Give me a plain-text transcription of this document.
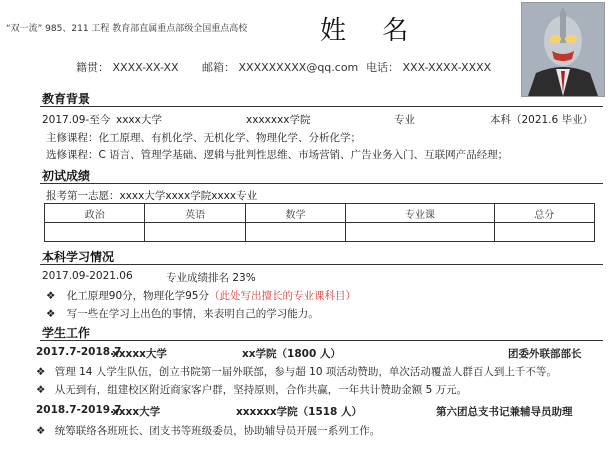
“双一流” 985、211 工程 教育部直属重点部级全国重点高校	姓 名
籍贯： XXXX-XX-XX 邮箱： XXXXXXXXX@qq.com 电话： XXX-XXXX-XXXX
教育背景
2017.09-至今 xxxx大学	xxxxxxx学院	专业	本科（2021.6 毕业）
主修课程：化工原理、有机化学、无机化学、物理化学、分析化学；
选修课程：C 语言、管理学基础、逻辑与批判性思维、市场营销、广告业务入门、互联网产品经理；
初试成绩
报考第一志愿：xxxx大学xxxx学院xxxx专业
政治	英语	数学	专业课	总分

本科学习情况
2017.09-2021.06	专业成绩排名 23%
❖ 化工原理90分，物理化学95分（此处写出擅长的专业课科目）
❖ 写一些在学习上出色的事情，来表明自己的学习能力。
学生工作
2017.7-2018.7
xxxxx大学	xx学院（1800 人）	团委外联部部长
❖ 管理 14 人学生队伍，创立书院第一届外联部，参与超 10 项活动赞助，单次活动覆盖人群百人到上千不等。
❖ 从无到有，组建校区附近商家客户群，坚持原则，合作共赢，一年共计赞助金额 5 万元。
2018.7-2019.7
xxxx大学	xxxxxx学院（1518 人）	第六团总支书记兼辅导员助理
❖ 统筹联络各班班长、团支书等班级委员，协助辅导员开展一系列工作。
